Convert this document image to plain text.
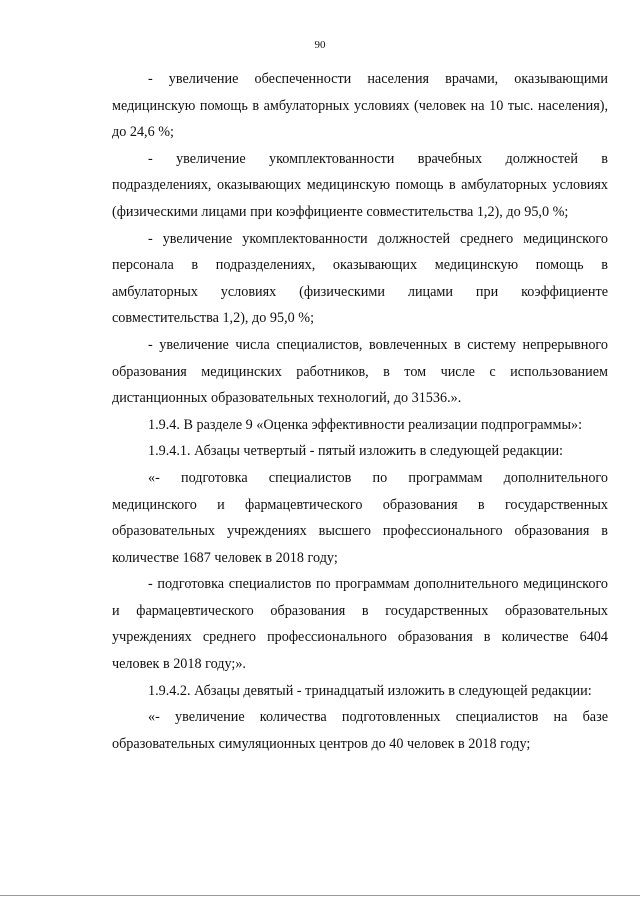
90

- увеличение обеспеченности населения врачами, оказывающими медицинскую помощь в амбулаторных условиях (человек на 10 тыс. населения), до 24,6 %;

- увеличение укомплектованности врачебных должностей в подразделениях, оказывающих медицинскую помощь в амбулаторных условиях (физическими лицами при коэффициенте совместительства 1,2), до 95,0 %;

- увеличение укомплектованности должностей среднего медицинского персонала в подразделениях, оказывающих медицинскую помощь в амбулаторных условиях (физическими лицами при коэффициенте совместительства 1,2), до 95,0 %;

- увеличение числа специалистов, вовлеченных в систему непрерывного образования медицинских работников, в том числе с использованием дистанционных образовательных технологий, до 31536.».

1.9.4. В разделе 9 «Оценка эффективности реализации подпрограммы»:

1.9.4.1. Абзацы четвертый - пятый изложить в следующей редакции:

«- подготовка специалистов по программам дополнительного медицинского и фармацевтического образования в государственных образовательных учреждениях высшего профессионального образования в количестве 1687 человек в 2018 году;

- подготовка специалистов по программам дополнительного медицинского и фармацевтического образования в государственных образовательных учреждениях среднего профессионального образования в количестве 6404 человек в 2018 году;».

1.9.4.2. Абзацы девятый - тринадцатый изложить в следующей редакции:

«- увеличение количества подготовленных специалистов на базе образовательных симуляционных центров до 40 человек в 2018 году;
